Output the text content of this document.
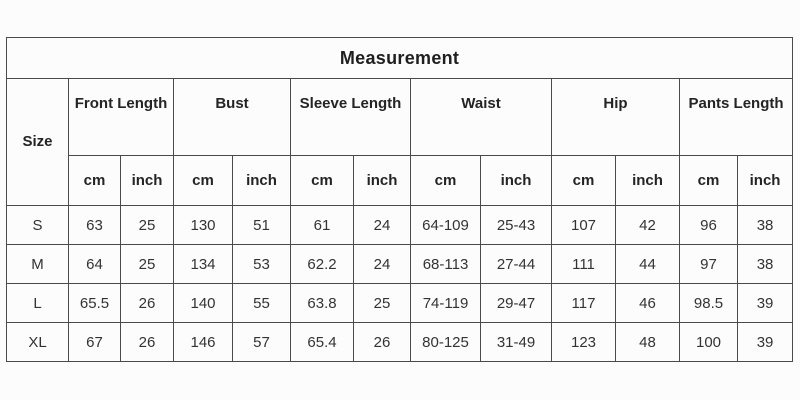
Measurement												
Size	Front Length		Bust		Sleeve Length		Waist		Hip		Pants Length	
	cm	inch	cm	inch	cm	inch	cm	inch	cm	inch	cm	inch
S	63	25	130	51	61	24	64-109	25-43	107	42	96	38
M	64	25	134	53	62.2	24	68-113	27-44	111	44	97	38
L	65.5	26	140	55	63.8	25	74-119	29-47	117	46	98.5	39
XL	67	26	146	57	65.4	26	80-125	31-49	123	48	100	39
